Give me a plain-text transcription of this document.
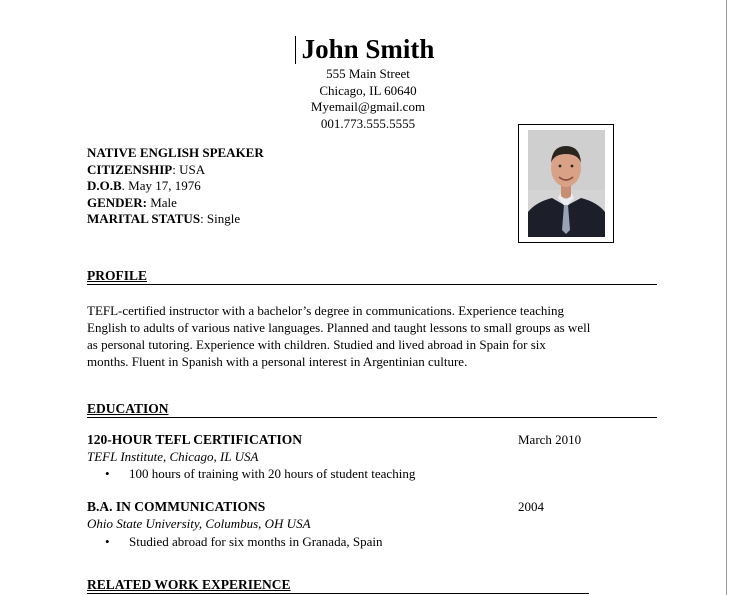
John Smith
555 Main Street
Chicago, IL 60640
Myemail@gmail.com
001.773.555.5555
NATIVE ENGLISH SPEAKER
CITIZENSHIP: USA
D.O.B. May 17, 1976
GENDER: Male
MARITAL STATUS: Single
PROFILE
TEFL-certified instructor with a bachelor’s degree in communications. Experience teaching
English to adults of various native languages. Planned and taught lessons to small groups as well
as personal tutoring. Experience with children. Studied and lived abroad in Spain for six
months. Fluent in Spanish with a personal interest in Argentinian culture.
EDUCATION
120-HOUR TEFL CERTIFICATION	March 2010
TEFL Institute, Chicago, IL USA
• 100 hours of training with 20 hours of student teaching
B.A. IN COMMUNICATIONS	2004
Ohio State University, Columbus, OH USA
• Studied abroad for six months in Granada, Spain
RELATED WORK EXPERIENCE
